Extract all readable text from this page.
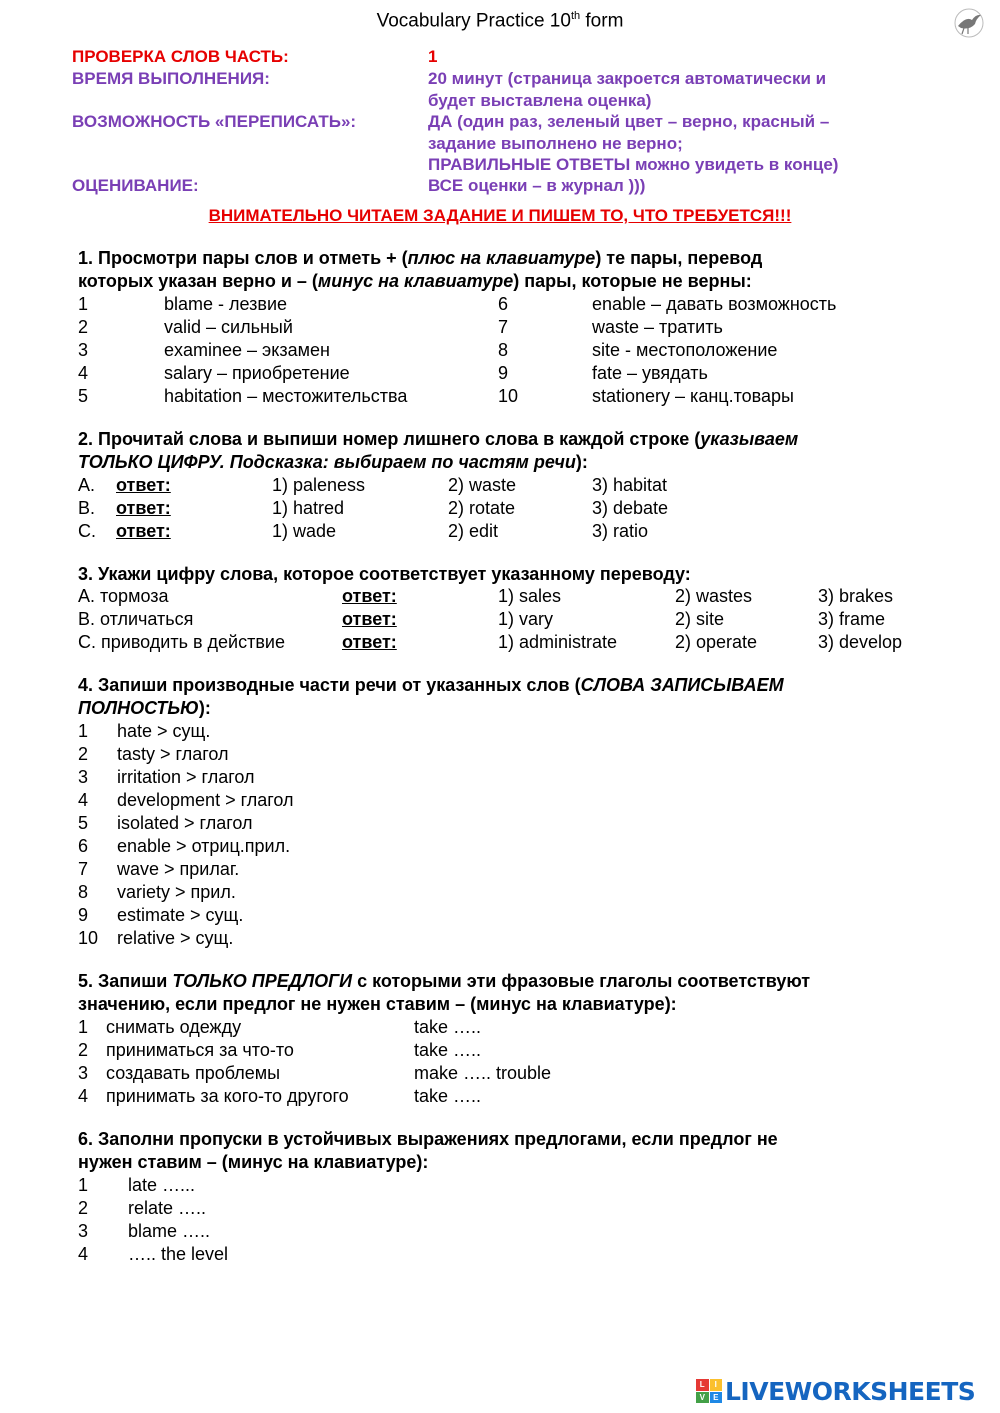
Vocabulary Practice 10th form
ПРОВЕРКА СЛОВ ЧАСТЬ:	1
ВРЕМЯ ВЫПОЛНЕНИЯ:	20 минут (страница закроется автоматически и
будет выставлена оценка)
ВОЗМОЖНОСТЬ «ПЕРЕПИСАТЬ»:	ДА (один раз, зеленый цвет – верно, красный –
задание выполнено не верно;
ПРАВИЛЬНЫЕ ОТВЕТЫ можно увидеть в конце)
ОЦЕНИВАНИЕ:	ВСЕ оценки – в журнал )))
ВНИМАТЕЛЬНО ЧИТАЕМ ЗАДАНИЕ И ПИШЕМ ТО, ЧТО ТРЕБУЕТСЯ!!!
1. Просмотри пары слов и отметь + (плюс на клавиатуре) те пары, перевод
которых указан верно и – (минус на клавиатуре) пары, которые не верны:
1	blame - лезвие	6	enable – давать возможность
2	valid – сильный	7	waste – тратить
3	examinee – экзамен	8	site - местоположение
4	salary – приобретение	9	fate – увядать
5	habitation – местожительства	10	stationery – канц.товары
2. Прочитай слова и выпиши номер лишнего слова в каждой строке (указываем
ТОЛЬКО ЦИФРУ. Подсказка: выбираем по частям речи):
A. ответ:	1) paleness	2) waste	3) habitat
B. ответ:	1) hatred	2) rotate	3) debate
C. ответ:	1) wade	2) edit	3) ratio
3. Укажи цифру слова, которое соответствует указанному переводу:
A. тормоза	ответ:	1) sales	2) wastes	3) brakes
B. отличаться	ответ:	1) vary	2) site	3) frame
C. приводить в действие	ответ:	1) administrate	2) operate	3) develop
4. Запиши производные части речи от указанных слов (СЛОВА ЗАПИСЫВАЕМ
ПОЛНОСТЬЮ):
1 hate > сущ.
2 tasty > глагол
3 irritation > глагол
4 development > глагол
5 isolated > глагол
6 enable > отриц.прил.
7 wave > прилаг.
8 variety > прил.
9 estimate > сущ.
10 relative > сущ.
5. Запиши ТОЛЬКО ПРЕДЛОГИ с которыми эти фразовые глаголы соответствуют
значению, если предлог не нужен ставим – (минус на клавиатуре):
1 снимать одежду	take …..
2 приниматься за что-то	take …..
3 создавать проблемы	make ….. trouble
4 принимать за кого-то другого	take …..
6. Заполни пропуски в устойчивых выражениях предлогами, если предлог не
нужен ставим – (минус на клавиатуре):
1 late …...
2 relate …..
3 blame …..
4 ….. the level
L	I
V	E LIVEWORKSHEETS
